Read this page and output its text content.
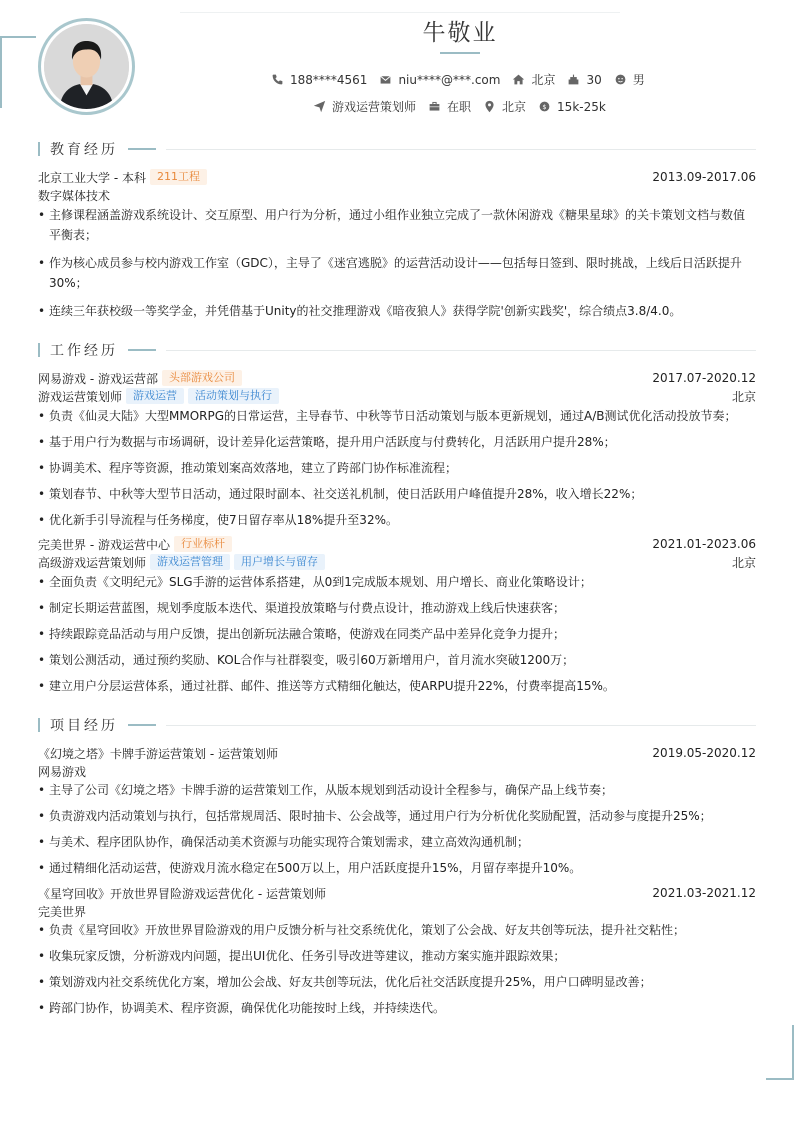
牛敬业
188****4561	niu****@***.com	北京	30	男
游戏运营策划师	在职	北京 $ 15k-25k
教育经历
北京工业大学 - 本科	211工程	2013.09-2017.06
数字媒体技术
• 主修课程涵盖游戏系统设计、交互原型、用户行为分析，通过小组作业独立完成了一款休闲游戏《糖果星球》的关卡策划文档与数值平衡表；
• 作为核心成员参与校内游戏工作室（GDC），主导了《迷宫逃脱》的运营活动设计——包括每日签到、限时挑战，上线后日活跃提升30%；
• 连续三年获校级一等奖学金，并凭借基于Unity的社交推理游戏《暗夜狼人》获得学院'创新实践奖'，综合绩点3.8/4.0。
工作经历
网易游戏 - 游戏运营部	头部游戏公司	2017.07-2020.12
游戏运营策划师	游戏运营	活动策划与执行	北京
• 负责《仙灵大陆》大型MMORPG的日常运营，主导春节、中秋等节日活动策划与版本更新规划，通过A/B测试优化活动投放节奏；
• 基于用户行为数据与市场调研，设计差异化运营策略，提升用户活跃度与付费转化，月活跃用户提升28%；
• 协调美术、程序等资源，推动策划案高效落地，建立了跨部门协作标准流程；
• 策划春节、中秋等大型节日活动，通过限时副本、社交送礼机制，使日活跃用户峰值提升28%，收入增长22%；
• 优化新手引导流程与任务梯度，使7日留存率从18%提升至32%。
完美世界 - 游戏运营中心	行业标杆	2021.01-2023.06
高级游戏运营策划师	游戏运营管理	用户增长与留存	北京
• 全面负责《文明纪元》SLG手游的运营体系搭建，从0到1完成版本规划、用户增长、商业化策略设计；
• 制定长期运营蓝图，规划季度版本迭代、渠道投放策略与付费点设计，推动游戏上线后快速获客；
• 持续跟踪竞品活动与用户反馈，提出创新玩法融合策略，使游戏在同类产品中差异化竞争力提升；
• 策划公测活动，通过预约奖励、KOL合作与社群裂变，吸引60万新增用户，首月流水突破1200万；
• 建立用户分层运营体系，通过社群、邮件、推送等方式精细化触达，使ARPU提升22%，付费率提高15%。
项目经历
《幻境之塔》卡牌手游运营策划 - 运营策划师	2019.05-2020.12
网易游戏
• 主导了公司《幻境之塔》卡牌手游的运营策划工作，从版本规划到活动设计全程参与，确保产品上线节奏；
• 负责游戏内活动策划与执行，包括常规周活、限时抽卡、公会战等，通过用户行为分析优化奖励配置，活动参与度提升25%；
• 与美术、程序团队协作，确保活动美术资源与功能实现符合策划需求，建立高效沟通机制；
• 通过精细化活动运营，使游戏月流水稳定在500万以上，用户活跃度提升15%，月留存率提升10%。
《星穹回收》开放世界冒险游戏运营优化 - 运营策划师	2021.03-2021.12
完美世界
• 负责《星穹回收》开放世界冒险游戏的用户反馈分析与社交系统优化，策划了公会战、好友共创等玩法，提升社交粘性；
• 收集玩家反馈，分析游戏内问题，提出UI优化、任务引导改进等建议，推动方案实施并跟踪效果；
• 策划游戏内社交系统优化方案，增加公会战、好友共创等玩法，优化后社交活跃度提升25%，用户口碑明显改善；
• 跨部门协作，协调美术、程序资源，确保优化功能按时上线，并持续迭代。
